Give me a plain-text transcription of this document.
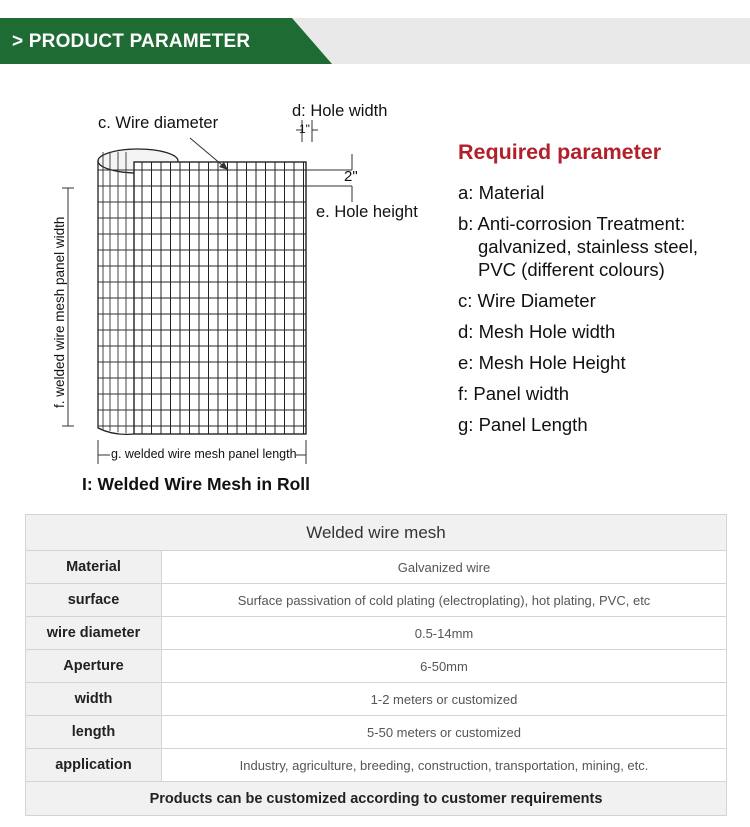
> PRODUCT PARAMETER
c. Wire diameter
d: Hole width
1"
2"
e. Hole height
f. welded wire mesh panel width
g. welded wire mesh panel length
I: Welded Wire Mesh in Roll
Required parameter
a: Material
b: Anti-corrosion Treatment:
galvanized, stainless steel,
PVC (different colours)
c: Wire Diameter
d: Mesh Hole width
e: Mesh Hole Height
f: Panel width
g: Panel Length
Welded wire mesh	
Material	Galvanized wire
surface	Surface passivation of cold plating (electroplating), hot plating, PVC, etc
wire diameter	0.5-14mm
Aperture	6-50mm
width	1-2 meters or customized
length	5-50 meters or customized
application	Industry, agriculture, breeding, construction, transportation, mining, etc.
Products can be customized according to customer requirements	
